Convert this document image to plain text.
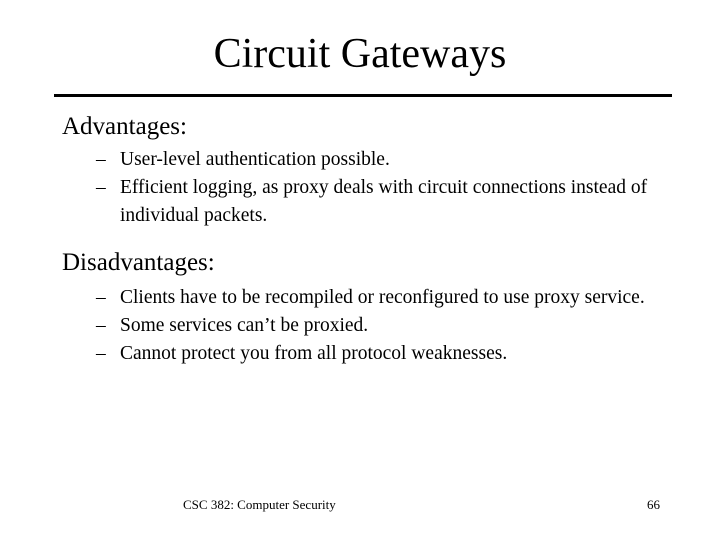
Circuit Gateways
Advantages:
– User-level authentication possible.
– Efficient logging, as proxy deals with circuit connections instead of individual packets.
Disadvantages:
– Clients have to be recompiled or reconfigured to use proxy service.
– Some services can’t be proxied.
– Cannot protect you from all protocol weaknesses.
CSC 382: Computer Security	66
